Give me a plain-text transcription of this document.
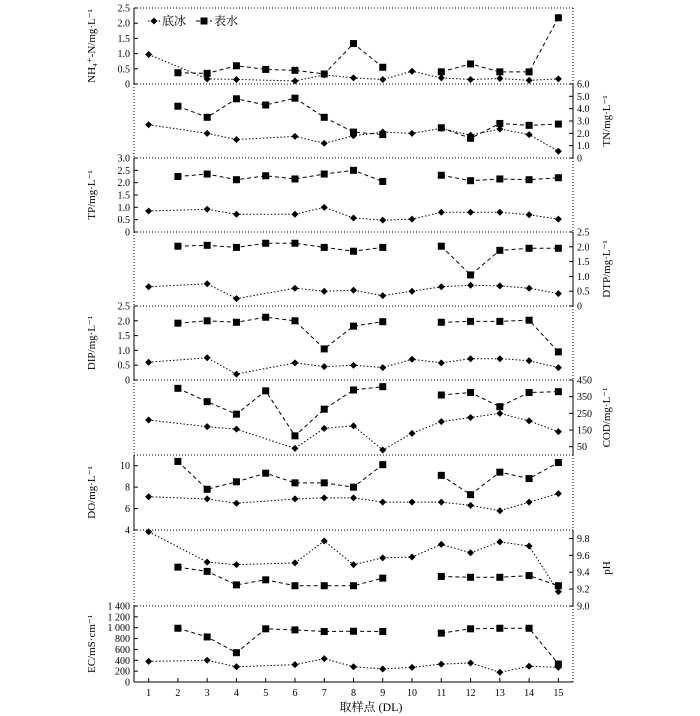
底冰 表水
0
0.5
1.0
1.5
2.0
2.5
NH₄⁺-N/mg·L⁻¹
0
1.0
2.0
3.0
4.0
5.0
6.0
TN/mg·L⁻¹
0
0.5
1.0
1.5
2.0
2.5
3.0
TP/mg·L⁻¹
0
0.5
1.0
1.5
2.0
2.5
DTP/mg·L⁻¹
0
0.5
1.0
1.5
2.0
2.5
DIP/mg·L⁻¹
50
150
250
350
450
COD/mg·L⁻¹
4
6
8
10
DO/mg·L⁻¹
9.0
9.2
9.4
9.6
9.8
pH
0
200
400
600
800
1 000
1 200
1 400
EC/mS·cm⁻¹
1 2 3 4 5 6 7 8 9 10 11 12 13 14 15
取样点 (DL)
